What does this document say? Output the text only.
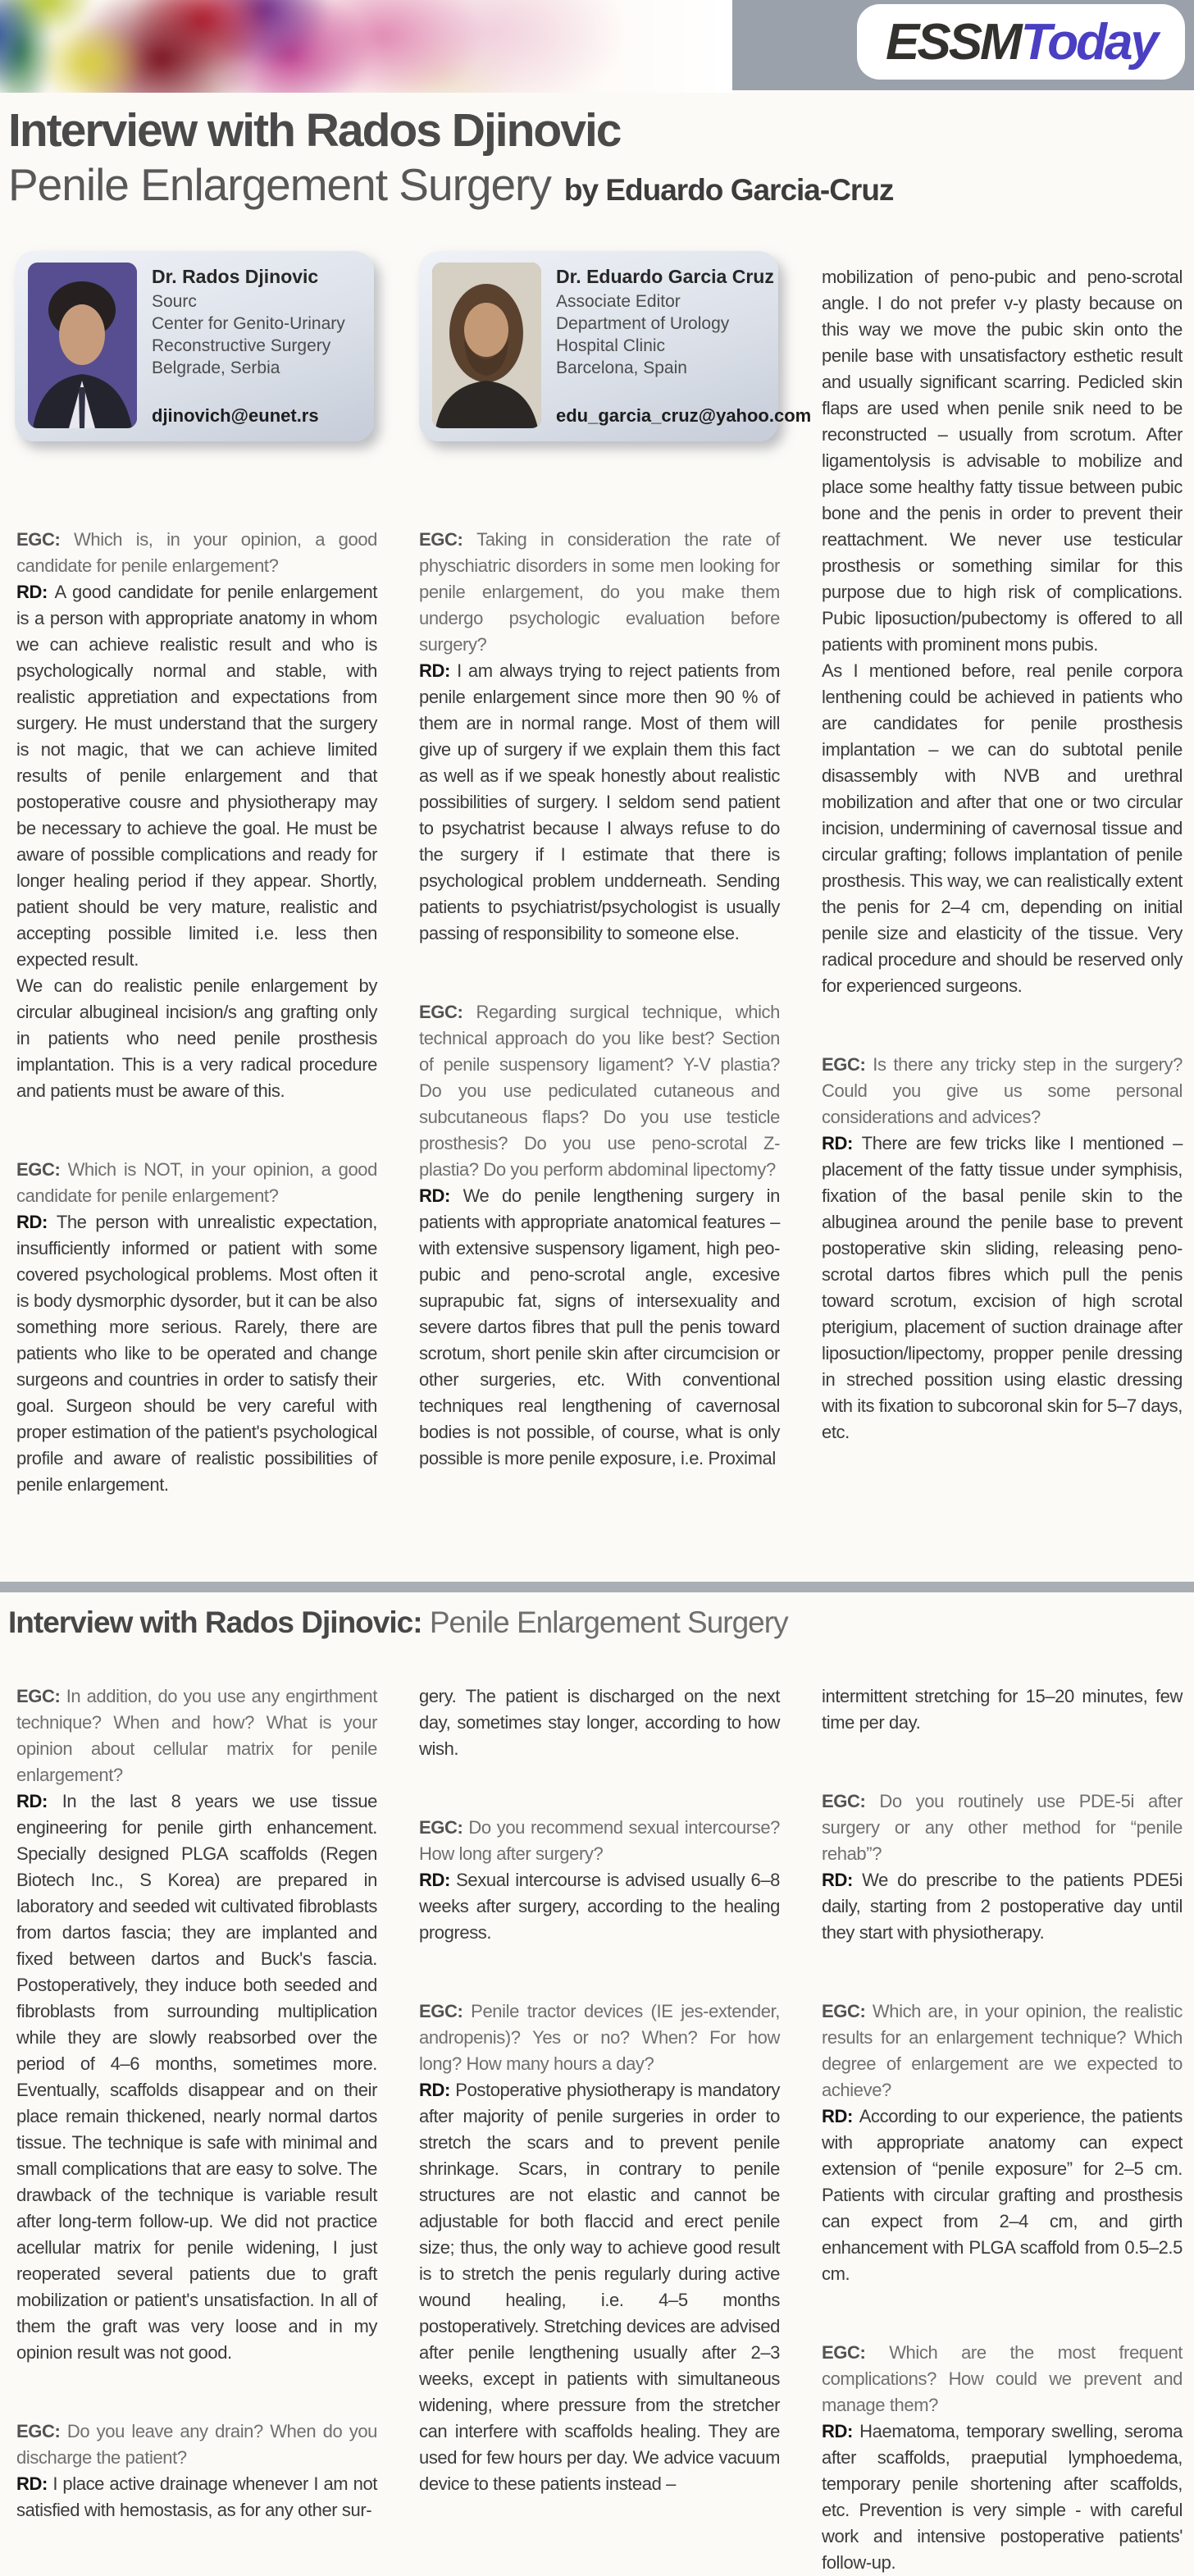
ESSMToday
Interview with Rados Djinovic
Penile Enlargement Surgery by Eduardo Garcia-Cruz
Dr. Rados Djinovic
Sourc
Center for Genito-Urinary
Reconstructive Surgery
Belgrade, Serbia
djinovich@eunet.rs
Dr. Eduardo Garcia Cruz
Associate Editor
Department of Urology
Hospital Clinic
Barcelona, Spain
edu_garcia_cruz@yahoo.com

EGC: Which is, in your opinion, a good candidate for penile enlargement?

RD: A good candidate for penile enlargement is a person with appropriate anatomy in whom we can achieve realistic result and who is psychologically normal and stable, with realistic appretiation and expectations from surgery. He must understand that the surgery is not magic, that we can achieve limited results of penile enlargement and that postoperative cousre and physiotherapy may be necessary to achieve the goal. He must be aware of possible complications and ready for longer healing period if they appear. Shortly, patient should be very mature, realistic and accepting possible limited i.e. less then expected result.

We can do realistic penile enlargement by circular albugineal incision/s ang grafting only in patients who need penile prosthesis implantation. This is a very radical procedure and patients must be aware of this.

EGC: Which is NOT, in your opinion, a good candidate for penile enlargement?

RD: The person with unrealistic expectation, insufficiently informed or patient with some covered psychological problems. Most often it is body dysmorphic dysorder, but it can be also something more serious. Rarely, there are patients who like to be operated and change surgeons and countries in order to satisfy their goal. Surgeon should be very careful with proper estimation of the patient's psychological profile and aware of realistic possibilities of penile enlargement.

EGC: Taking in consideration the rate of physchiatric disorders in some men looking for penile enlargement, do you make them undergo psychologic evaluation before surgery?

RD: I am always trying to reject patients from penile enlargement since more then 90 % of them are in normal range. Most of them will give up of surgery if we explain them this fact as well as if we speak honestly about realistic possibilities of surgery. I seldom send patient to psychatrist because I always refuse to do the surgery if I estimate that there is psychological problem undderneath. Sending patients to psychiatrist/psychologist is usually passing of responsibility to someone else.

EGC: Regarding surgical technique, which technical approach do you like best? Section of penile suspensory ligament? Y-V plastia? Do you use pediculated cutaneous and subcutaneous flaps? Do you use testicle prosthesis? Do you use peno-scrotal Z-plastia? Do you perform abdominal lipectomy?

RD: We do penile lengthening surgery in patients with appropriate anatomical features – with extensive suspensory ligament, high peo-pubic and peno-scrotal angle, excesive suprapubic fat, signs of intersexuality and severe dartos fibres that pull the penis toward scrotum, short penile skin after circumcision or other surgeries, etc. With conventional techniques real lengthening of cavernosal bodies is not possible, of course, what is only possible is more penile exposure, i.e. Proximal

mobilization of peno-pubic and peno-scrotal angle. I do not prefer v-y plasty because on this way we move the pubic skin onto the penile base with unsatisfactory esthetic result and usually significant scarring. Pedicled skin flaps are used when penile snik need to be reconstructed – usually from scrotum. After ligamentolysis is advisable to mobilize and place some healthy fatty tissue between pubic bone and the penis in order to prevent their reattachment. We never use testicular prosthesis or something similar for this purpose due to high risk of complications. Pubic liposuction/pubectomy is offered to all patients with prominent mons pubis.

As I mentioned before, real penile corpora lenthening could be achieved in patients who are candidates for penile prosthesis implantation – we can do subtotal penile disassembly with NVB and urethral mobilization and after that one or two circular incision, undermining of cavernosal tissue and circular grafting; follows implantation of penile prosthesis. This way, we can realistically extent the penis for 2–4 cm, depending on initial penile size and elasticity of the tissue. Very radical procedure and should be reserved only for experienced surgeons.

EGC: Is there any tricky step in the surgery? Could you give us some personal considerations and advices?

RD: There are few tricks like I mentioned – placement of the fatty tissue under symphisis, fixation of the basal penile skin to the albuginea around the penile base to prevent postoperative skin sliding, releasing peno-scrotal dartos fibres which pull the penis toward scrotum, excision of high scrotal pterigium, placement of suction drainage after liposuction/lipectomy, propper penile dressing in streched possition using elastic dressing with its fixation to subcoronal skin for 5–7 days, etc.

Interview with Rados Djinovic: Penile Enlargement Surgery

EGC: In addition, do you use any engirthment technique? When and how? What is your opinion about cellular matrix for penile enlargement?

RD: In the last 8 years we use tissue engineering for penile girth enhancement. Specially designed PLGA scaffolds (Regen Biotech Inc., S Korea) are prepared in laboratory and seeded wit cultivated fibroblasts from dartos fascia; they are implanted and fixed between dartos and Buck's fascia. Postoperatively, they induce both seeded and fibroblasts from surrounding multiplication while they are slowly reabsorbed over the period of 4–6 months, sometimes more. Eventually, scaffolds disappear and on their place remain thickened, nearly normal dartos tissue. The technique is safe with minimal and small complications that are easy to solve. The drawback of the technique is variable result after long-term follow-up. We did not practice acellular matrix for penile widening, I just reoperated several patients due to graft mobilization or patient's unsatisfaction. In all of them the graft was very loose and in my opinion result was not good.

EGC: Do you leave any drain? When do you discharge the patient?

RD: I place active drainage whenever I am not satisfied with hemostasis, as for any other sur-

gery. The patient is discharged on the next day, sometimes stay longer, according to how wish.

EGC: Do you recommend sexual intercourse? How long after surgery?

RD: Sexual intercourse is advised usually 6–8 weeks after surgery, according to the healing progress.

EGC: Penile tractor devices (IE jes-extender, andropenis)? Yes or no? When? For how long? How many hours a day?

RD: Postoperative physiotherapy is mandatory after majority of penile surgeries in order to stretch the scars and to prevent penile shrinkage. Scars, in contrary to penile structures are not elastic and cannot be adjustable for both flaccid and erect penile size; thus, the only way to achieve good result is to stretch the penis regularly during active wound healing, i.e. 4–5 months postoperatively. Stretching devices are advised after penile lengthening usually after 2–3 weeks, except in patients with simultaneous widening, where pressure from the stretcher can interfere with scaffolds healing. They are used for few hours per day. We advice vacuum device to these patients instead –

intermittent stretching for 15–20 minutes, few time per day.

EGC: Do you routinely use PDE-5i after surgery or any other method for “penile rehab”?

RD: We do prescribe to the patients PDE5i daily, starting from 2 postoperative day until they start with physiotherapy.

EGC: Which are, in your opinion, the realistic results for an enlargement technique? Which degree of enlargement are we expected to achieve?

RD: According to our experience, the patients with appropriate anatomy can expect extension of “penile exposure” for 2–5 cm. Patients with circular grafting and prosthesis can expect from 2–4 cm, and girth enhancement with PLGA scaffold from 0.5–2.5 cm.

EGC: Which are the most frequent complications? How could we prevent and manage them?

RD: Haematoma, temporary swelling, seroma after scaffolds, praeputial lymphoedema, temporary penile shortening after scaffolds, etc. Prevention is very simple - with careful work and intensive postoperative patients' follow-up.
